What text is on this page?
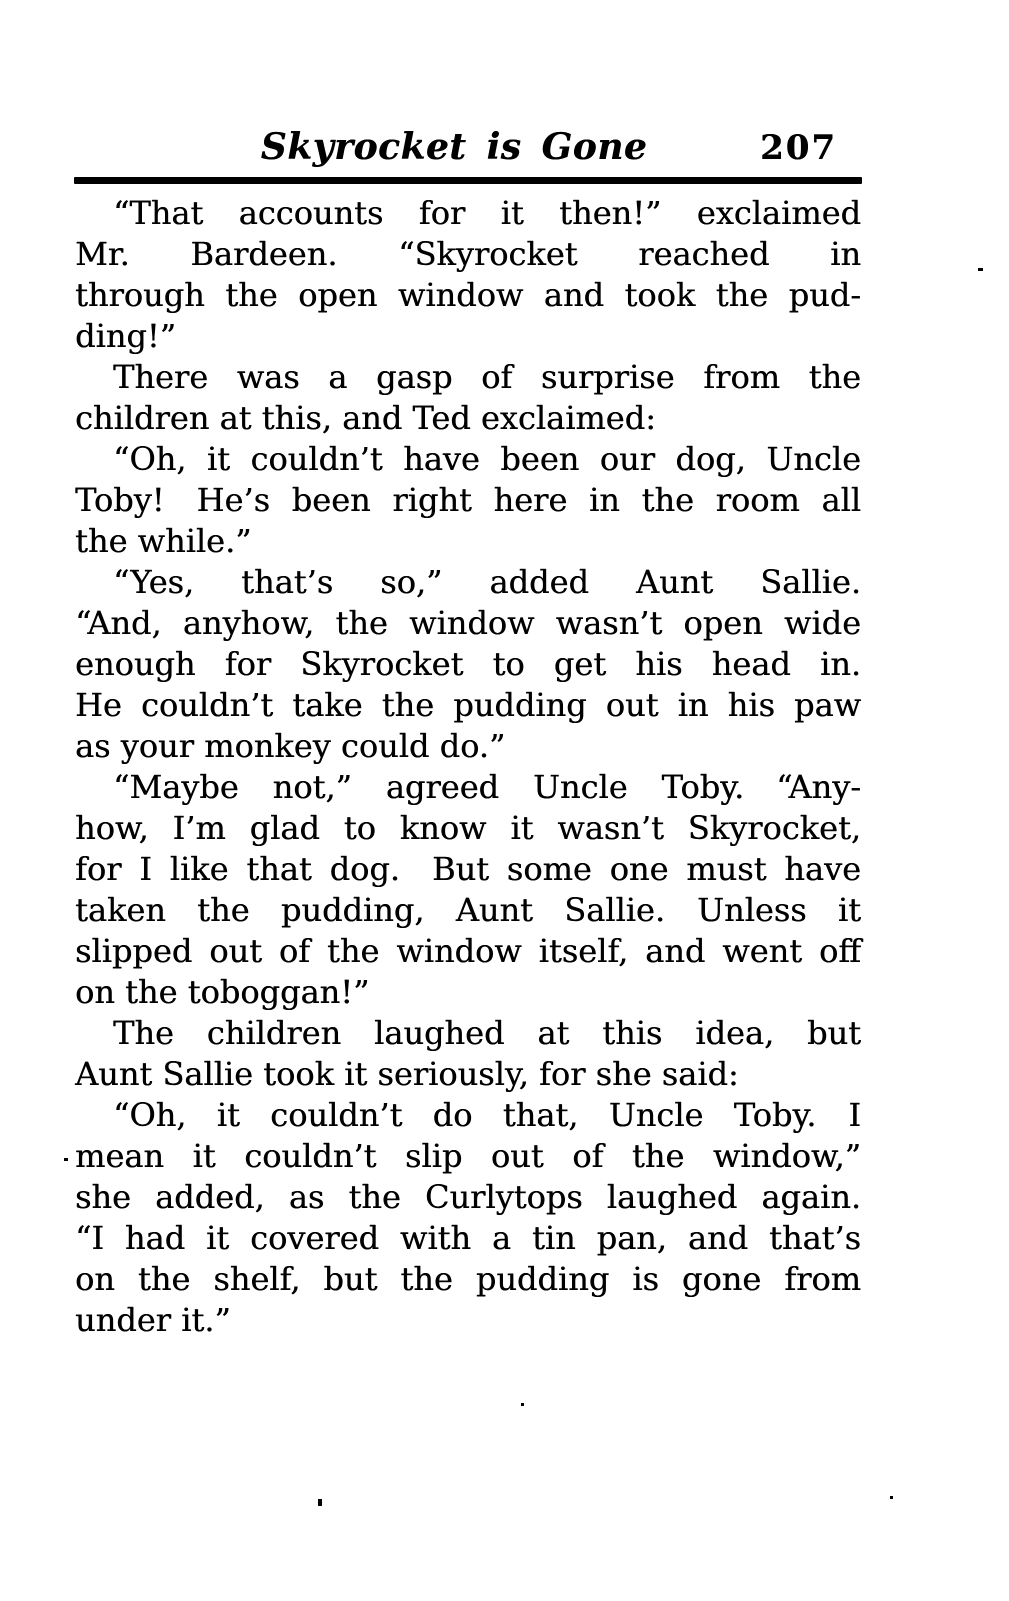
Skyrocket is Gone	207
“That accounts for it then!” exclaimed
Mr. Bardeen. “Skyrocket reached in
through the open window and took the pud-
ding!”
There was a gasp of surprise from the
children at this, and Ted exclaimed:
“Oh, it couldn’t have been our dog, Uncle
Toby! He’s been right here in the room all
the while.”
“Yes, that’s so,” added Aunt Sallie.
“And, anyhow, the window wasn’t open wide
enough for Skyrocket to get his head in.
He couldn’t take the pudding out in his paw
as your monkey could do.”
“Maybe not,” agreed Uncle Toby. “Any-
how, I’m glad to know it wasn’t Skyrocket,
for I like that dog. But some one must have
taken the pudding, Aunt Sallie. Unless it
slipped out of the window itself, and went off
on the toboggan!”
The children laughed at this idea, but
Aunt Sallie took it seriously, for she said:
“Oh, it couldn’t do that, Uncle Toby. I
mean it couldn’t slip out of the window,”
she added, as the Curlytops laughed again.
“I had it covered with a tin pan, and that’s
on the shelf, but the pudding is gone from
under it.”
